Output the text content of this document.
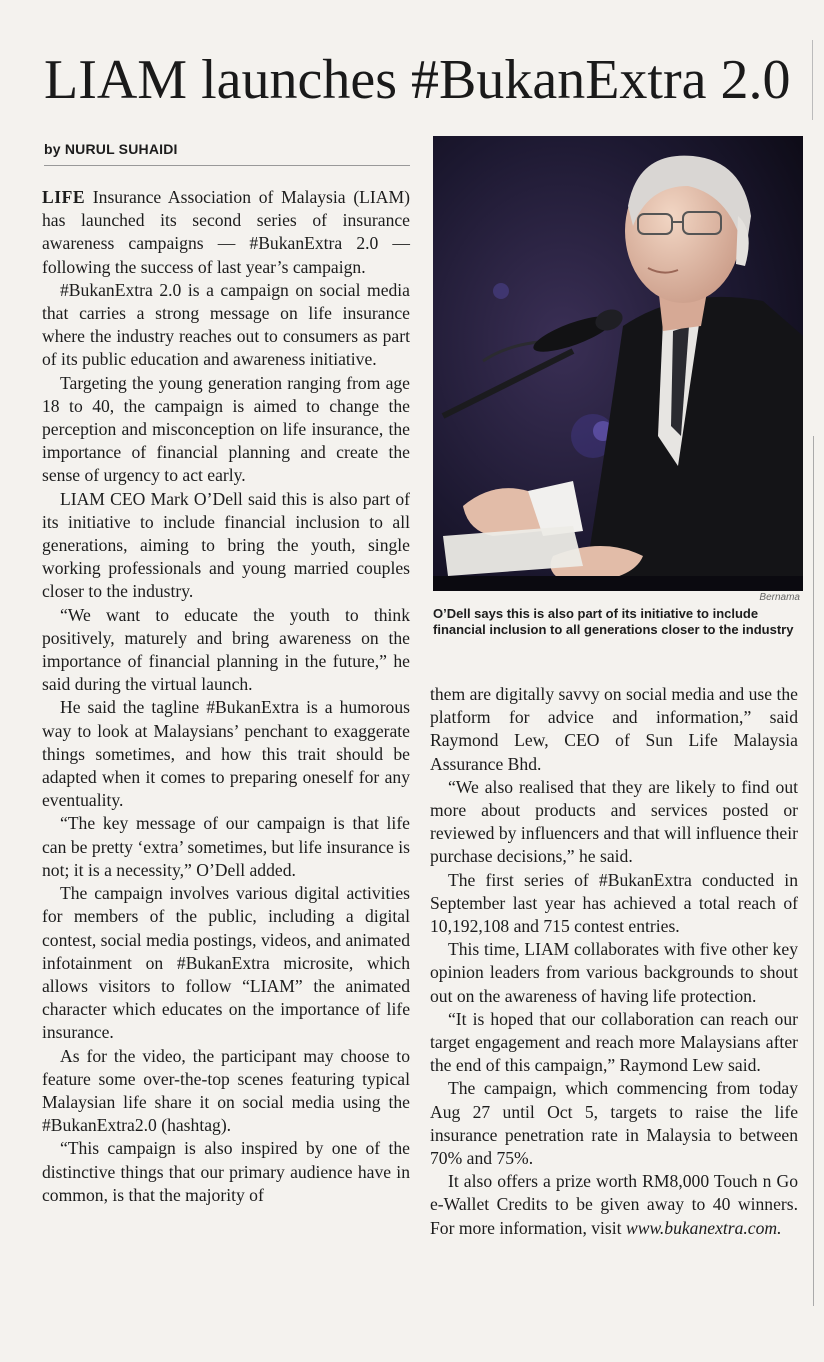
LIAM launches #BukanExtra 2.0
by NURUL SUHAIDI

LIFE Insurance Association of Malaysia (LIAM) has launched its second series of insurance awareness campaigns — #BukanExtra 2.0 — following the success of last year’s campaign.

#BukanExtra 2.0 is a campaign on social media that carries a strong message on life insurance where the industry reaches out to consumers as part of its public education and awareness initiative.

Targeting the young generation ranging from age 18 to 40, the campaign is aimed to change the perception and misconception on life insurance, the importance of financial planning and create the sense of urgency to act early.

LIAM CEO Mark O’Dell said this is also part of its initiative to include financial inclusion to all generations, aiming to bring the youth, single working professionals and young married couples closer to the industry.

“We want to educate the youth to think positively, maturely and bring awareness on the importance of financial planning in the future,” he said during the virtual launch.

He said the tagline #BukanExtra is a humorous way to look at Malaysians’ penchant to exaggerate things sometimes, and how this trait should be adapted when it comes to preparing oneself for any eventuality.

“The key message of our campaign is that life can be pretty ‘extra’ sometimes, but life insurance is not; it is a necessity,” O’Dell added.

The campaign involves various digital activities for members of the public, including a digital contest, social media postings, videos, and animated infotainment on #BukanExtra microsite, which allows visitors to follow “LIAM” the animated character which educates on the importance of life insurance.

As for the video, the participant may choose to feature some over-the-top scenes featuring typical Malaysian life share it on social media using the #BukanExtra2.0 (hashtag).

“This campaign is also inspired by one of the distinctive things that our primary audience have in common, is that the majority of

Bernama
O’Dell says this is also part of its initiative to include financial inclusion to all generations closer to the industry

them are digitally savvy on social media and use the platform for advice and information,” said Raymond Lew, CEO of Sun Life Malaysia Assurance Bhd.

“We also realised that they are likely to find out more about products and services posted or reviewed by influencers and that will influence their purchase decisions,” he said.

The first series of #BukanExtra conducted in September last year has achieved a total reach of 10,192,108 and 715 contest entries.

This time, LIAM collaborates with five other key opinion leaders from various backgrounds to shout out on the awareness of having life protection.

“It is hoped that our collaboration can reach our target engagement and reach more Malaysians after the end of this campaign,” Raymond Lew said.

The campaign, which commencing from today Aug 27 until Oct 5, targets to raise the life insurance penetration rate in Malaysia to between 70% and 75%.

It also offers a prize worth RM8,000 Touch n Go e-Wallet Credits to be given away to 40 winners. For more information, visit www.bukanextra.com.
